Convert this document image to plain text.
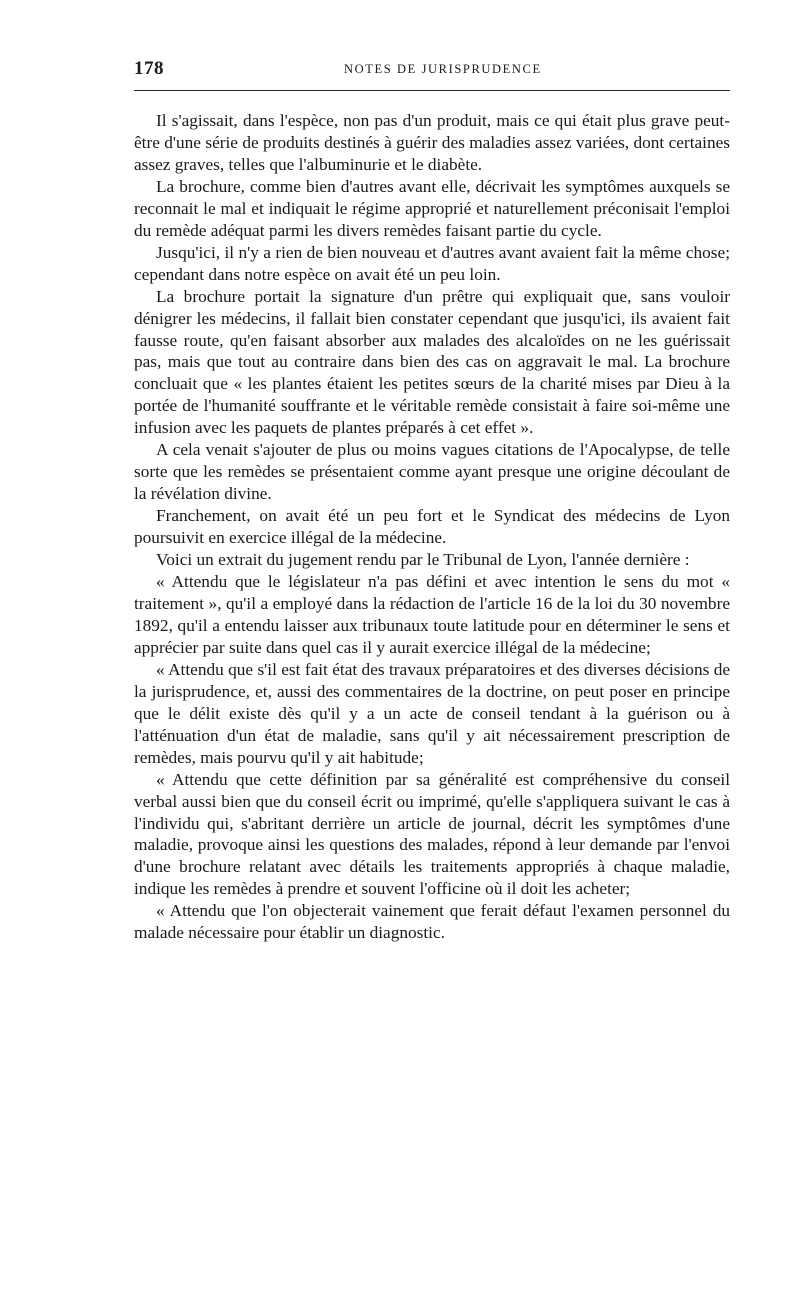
178	NOTES DE JURISPRUDENCE

Il s'agissait, dans l'espèce, non pas d'un produit, mais ce qui était plus grave peut-être d'une série de produits destinés à guérir des maladies assez variées, dont certaines assez graves, telles que l'albuminurie et le diabète.

La brochure, comme bien d'autres avant elle, décrivait les symptômes auxquels se reconnait le mal et indiquait le régime approprié et naturellement préconisait l'emploi du remède adéquat parmi les divers remèdes faisant partie du cycle.

Jusqu'ici, il n'y a rien de bien nouveau et d'autres avant avaient fait la même chose; cependant dans notre espèce on avait été un peu loin.

La brochure portait la signature d'un prêtre qui expliquait que, sans vouloir dénigrer les médecins, il fallait bien constater cependant que jusqu'ici, ils avaient fait fausse route, qu'en faisant absorber aux malades des alcaloïdes on ne les guérissait pas, mais que tout au contraire dans bien des cas on aggravait le mal. La brochure concluait que « les plantes étaient les petites sœurs de la charité mises par Dieu à la portée de l'humanité souffrante et le véritable remède consistait à faire soi-même une infusion avec les paquets de plantes préparés à cet effet ».

A cela venait s'ajouter de plus ou moins vagues citations de l'Apocalypse, de telle sorte que les remèdes se présentaient comme ayant presque une origine découlant de la révélation divine.

Franchement, on avait été un peu fort et le Syndicat des médecins de Lyon poursuivit en exercice illégal de la médecine.

Voici un extrait du jugement rendu par le Tribunal de Lyon, l'année dernière :

« Attendu que le législateur n'a pas défini et avec intention le sens du mot « traitement », qu'il a employé dans la rédaction de l'article 16 de la loi du 30 novembre 1892, qu'il a entendu laisser aux tribunaux toute latitude pour en déterminer le sens et apprécier par suite dans quel cas il y aurait exercice illégal de la médecine;

« Attendu que s'il est fait état des travaux préparatoires et des diverses décisions de la jurisprudence, et, aussi des commentaires de la doctrine, on peut poser en principe que le délit existe dès qu'il y a un acte de conseil tendant à la guérison ou à l'atténuation d'un état de maladie, sans qu'il y ait nécessairement prescription de remèdes, mais pourvu qu'il y ait habitude;

« Attendu que cette définition par sa généralité est compréhensive du conseil verbal aussi bien que du conseil écrit ou imprimé, qu'elle s'appliquera suivant le cas à l'individu qui, s'abritant derrière un article de journal, décrit les symptômes d'une maladie, provoque ainsi les questions des malades, répond à leur demande par l'envoi d'une brochure relatant avec détails les traitements appropriés à chaque maladie, indique les remèdes à prendre et souvent l'officine où il doit les acheter;

« Attendu que l'on objecterait vainement que ferait défaut l'examen personnel du malade nécessaire pour établir un diagnostic.
